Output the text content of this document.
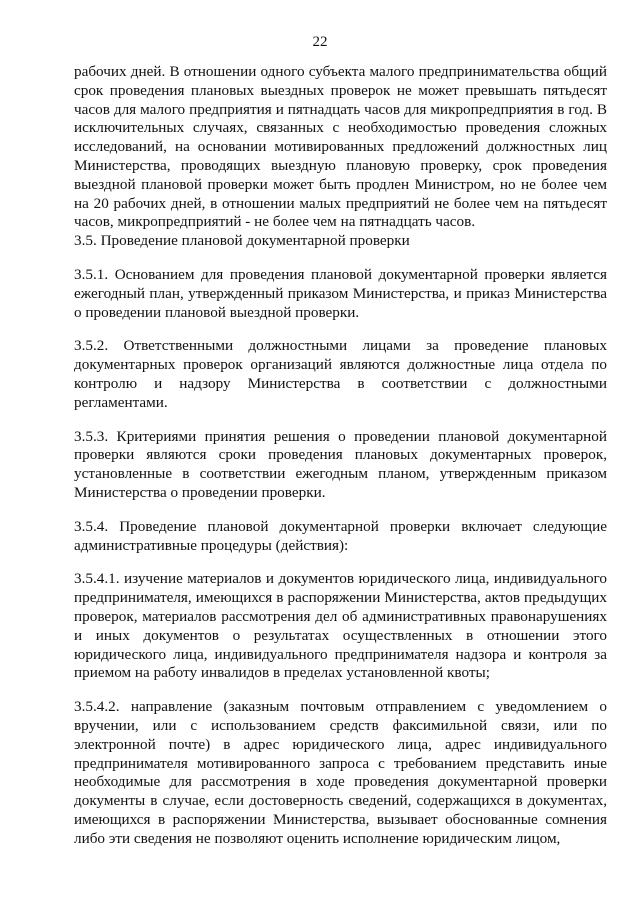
22

рабочих дней. В отношении одного субъекта малого предпринимательства общий срок проведения плановых выездных проверок не может превышать пятьдесят часов для малого предприятия и пятнадцать часов для микропредприятия в год. В исключительных случаях, связанных с необходимостью проведения сложных исследований, на основании мотивированных предложений должностных лиц Министерства, проводящих выездную плановую проверку, срок проведения выездной плановой проверки может быть продлен Министром, но не более чем на 20 рабочих дней, в отношении малых предприятий не более чем на пятьдесят часов, микропредприятий - не более чем на пятнадцать часов.

3.5. Проведение плановой документарной проверки

3.5.1. Основанием для проведения плановой документарной проверки является ежегодный план, утвержденный приказом Министерства, и приказ Министерства о проведении плановой выездной проверки.

3.5.2. Ответственными должностными лицами за проведение плановых документарных проверок организаций являются должностные лица отдела по контролю и надзору Министерства в соответствии с должностными регламентами.

3.5.3. Критериями принятия решения о проведении плановой документарной проверки являются сроки проведения плановых документарных проверок, установленные в соответствии ежегодным планом, утвержденным приказом Министерства о проведении проверки.

3.5.4. Проведение плановой документарной проверки включает следующие административные процедуры (действия):

3.5.4.1. изучение материалов и документов юридического лица, индивидуального предпринимателя, имеющихся в распоряжении Министерства, актов предыдущих проверок, материалов рассмотрения дел об административных правонарушениях и иных документов о результатах осуществленных в отношении этого юридического лица, индивидуального предпринимателя надзора и контроля за приемом на работу инвалидов в пределах установленной квоты;

3.5.4.2. направление (заказным почтовым отправлением с уведомлением о вручении, или с использованием средств факсимильной связи, или по электронной почте) в адрес юридического лица, адрес индивидуального предпринимателя мотивированного запроса с требованием представить иные необходимые для рассмотрения в ходе проведения документарной проверки документы в случае, если достоверность сведений, содержащихся в документах, имеющихся в распоряжении Министерства, вызывает обоснованные сомнения либо эти сведения не позволяют оценить исполнение юридическим лицом,
